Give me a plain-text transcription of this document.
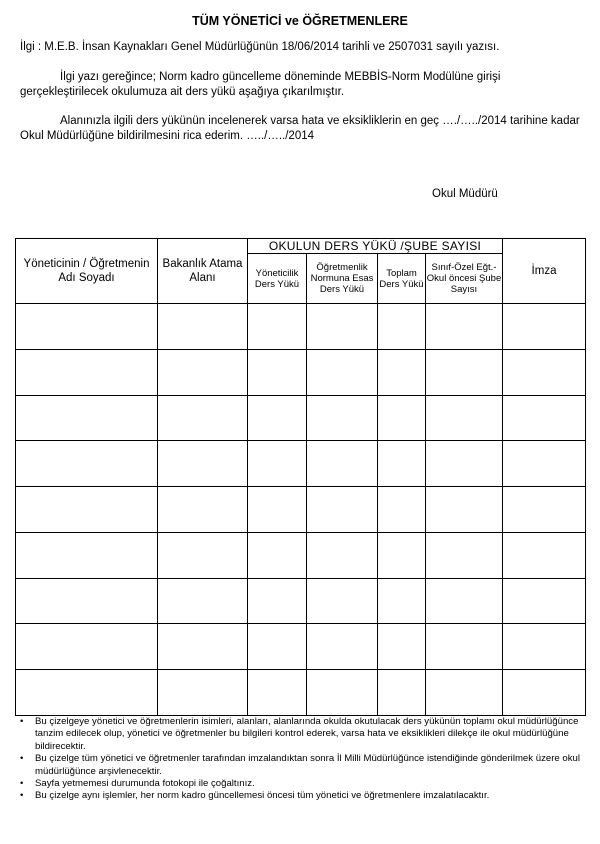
TÜM YÖNETİCİ ve ÖĞRETMENLERE
İlgi : M.E.B. İnsan Kaynakları Genel Müdürlüğünün 18/06/2014 tarihli ve 2507031 sayılı yazısı.
İlgi yazı gereğince; Norm kadro güncelleme döneminde MEBBİS-Norm Modülüne girişi gerçekleştirilecek okulumuza ait ders yükü aşağıya çıkarılmıştır.
Alanınızla ilgili ders yükünün incelenerek varsa hata ve eksikliklerin en geç …./…../2014 tarihine kadar Okul Müdürlüğüne bildirilmesini rica ederim. …../…../2014
Okul Müdürü
Yöneticinin / Öğretmenin Adı Soyadı	Bakanlık Atama Alanı	OKULUN DERS YÜKÜ /ŞUBE SAYISI				İmza
		Yöneticilik Ders Yükü	Öğretmenlik Normuna Esas Ders Yükü	Toplam Ders Yükü	Sınıf-Özel Eğt.-Okul öncesi Şube Sayısı	

• Bu çizelgeye yönetici ve öğretmenlerin isimleri, alanları, alanlarında okulda okutulacak ders yükünün toplamı okul müdürlüğünce tanzim edilecek olup, yönetici ve öğretmenler bu bilgileri kontrol ederek, varsa hata ve eksiklikleri dilekçe ile okul müdürlüğüne bildirecektir.
• Bu çizelge tüm yönetici ve öğretmenler tarafından imzalandıktan sonra İl Milli Müdürlüğünce istendiğinde gönderilmek üzere okul müdürlüğünce arşivlenecektir.
• Sayfa yetmemesi durumunda fotokopi ile çoğaltınız.
• Bu çizelge aynı işlemler, her norm kadro güncellemesi öncesi tüm yönetici ve öğretmenlere imzalatılacaktır.
